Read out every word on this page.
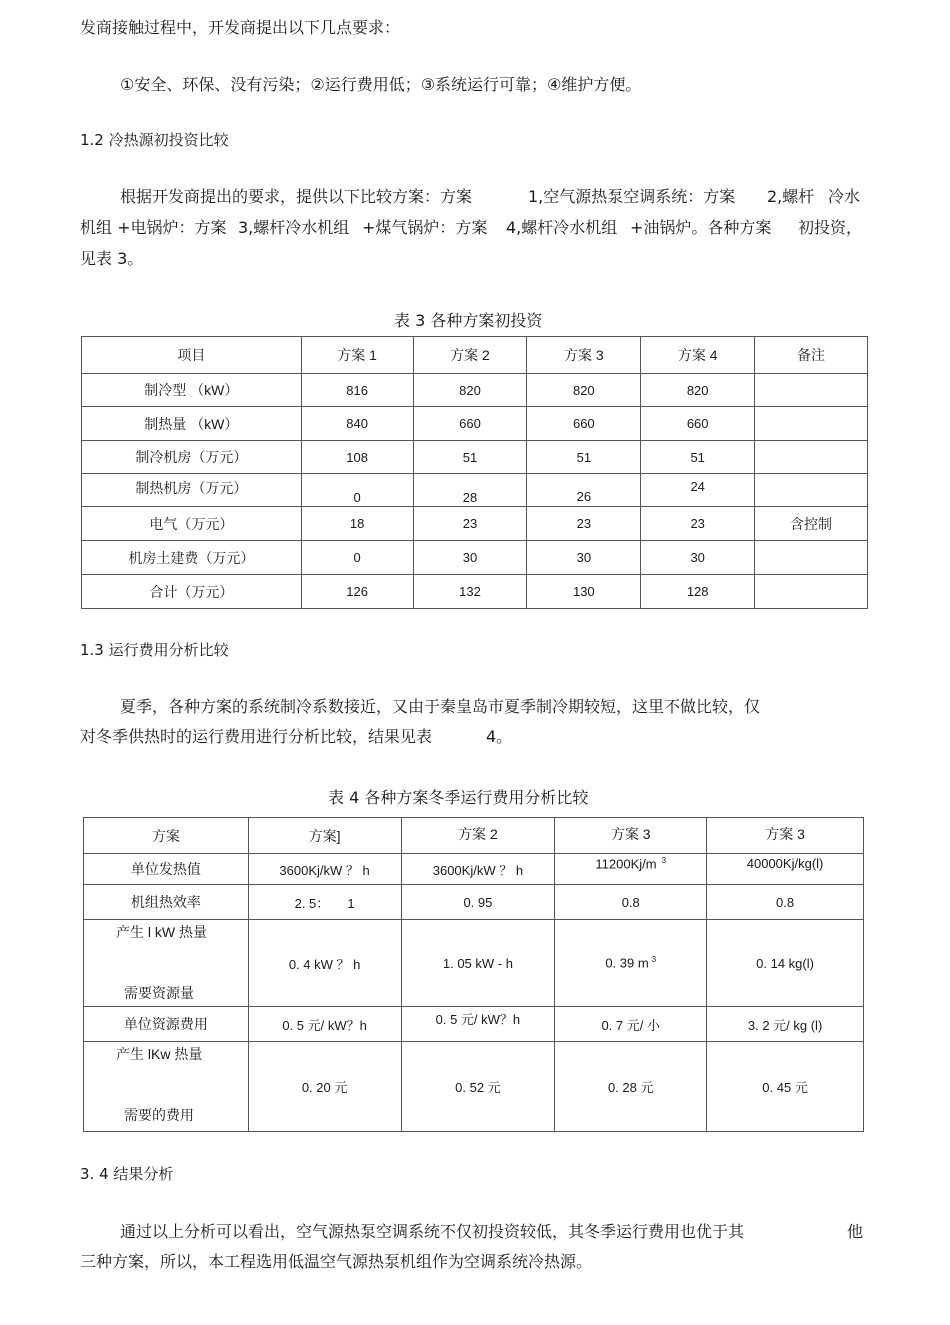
发商接触过程中，开发商提出以下几点要求：
①安全、环保、没有污染；②运行费用低；③系统运行可靠；④维护方便。
1.2 冷热源初投资比较
根据开发商提出的要求，提供以下比较方案：方案	1,空气源热泵空调系统：方案 2,螺杆 冷水
机组 +电锅炉：方案 3,螺杆冷水机组 +煤气锅炉：方案 4,螺杆冷水机组 +油锅炉。各种方案 初投资，
见表 3。
表 3 各种方案初投资
项目	方案 1	方案 2	方案 3	方案 4	备注
制冷型 （kW）	816	820	820	820	
制热量 （kW）	840	660	660	660	
制冷机房（万元）	108	51	51	51	
制热机房（万元）	0	28	26	24	
电气（万元）	18	23	23	23	含控制
机房土建费（万元）	0	30	30	30	
合计（万元）	126	132	130	128	
1.3 运行费用分析比较
夏季，各种方案的系统制冷系数接近，又由于秦皇岛市夏季制冷期较短，这里不做比较，仅
对冬季供热时的运行费用进行分析比较，结果见表	4。
表 4 各种方案冬季运行费用分析比较
方案	方案]	方案 2	方案 3	方案 3
单位发热值	3600Kj/kW ？ h	3600Kj/kW ？ h	11200Kj/m $^3$	40000Kj/kg(l)
机组热效率	2. 5：     1	0. 95	0.8	0.8

产生 l kW 热量
需要资源量	0. 4 kW ？ h	1. 05 kW - h	0. 39 m $^3$	0. 14 kg(l)
单位资源费用	0. 5 元/ kW？h	0. 5 元/ kW？h	0. 7 元/ 小	3. 2 元/ kg (l)

产生 lKw 热量
需要的费用	0. 20 元	0. 52 元	0. 28 元	0. 45 元
3. 4 结果分析
通过以上分析可以看出，空气源热泵空调系统不仅初投资较低，其冬季运行费用也优于其	他
三种方案，所以，本工程选用低温空气源热泵机组作为空调系统冷热源。
